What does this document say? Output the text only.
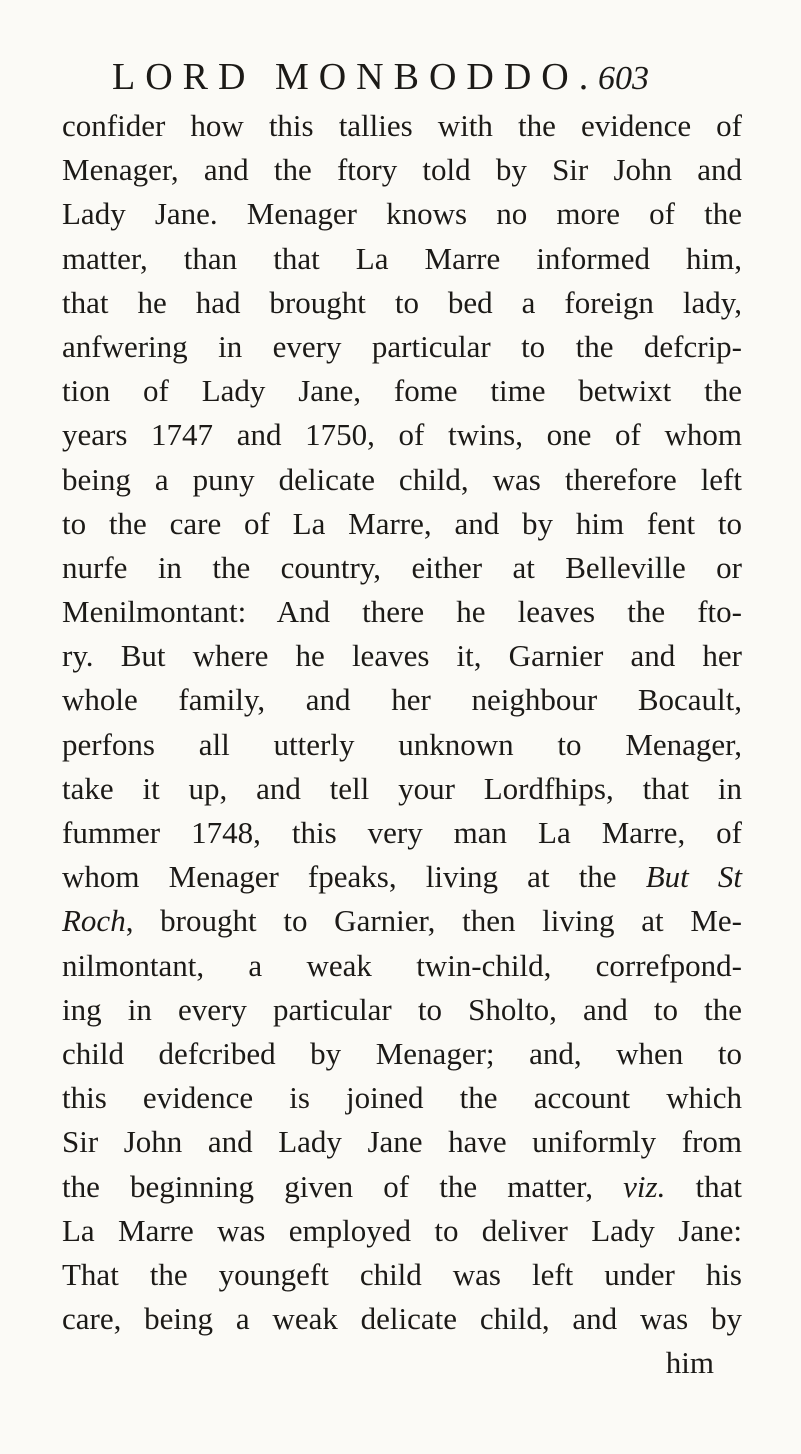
LORD MONBODDO. 603
confider how this tallies with the evidence of
Menager, and the ftory told by Sir John and
Lady Jane. Menager knows no more of the
matter, than that La Marre informed him,
that he had brought to bed a foreign lady,
anfwering in every particular to the defcrip-
tion of Lady Jane, fome time betwixt the
years 1747 and 1750, of twins, one of whom
being a puny delicate child, was therefore left
to the care of La Marre, and by him fent to
nurfe in the country, either at Belleville or
Menilmontant: And there he leaves the fto-
ry. But where he leaves it, Garnier and her
whole family, and her neighbour Bocault,
perfons all utterly unknown to Menager,
take it up, and tell your Lordfhips, that in
fummer 1748, this very man La Marre, of
whom Menager fpeaks, living at the But St
Roch, brought to Garnier, then living at Me-
nilmontant, a weak twin-child, correfpond-
ing in every particular to Sholto, and to the
child defcribed by Menager; and, when to
this evidence is joined the account which
Sir John and Lady Jane have uniformly from
the beginning given of the matter, viz. that
La Marre was employed to deliver Lady Jane:
That the youngeft child was left under his
care, being a weak delicate child, and was by
him
